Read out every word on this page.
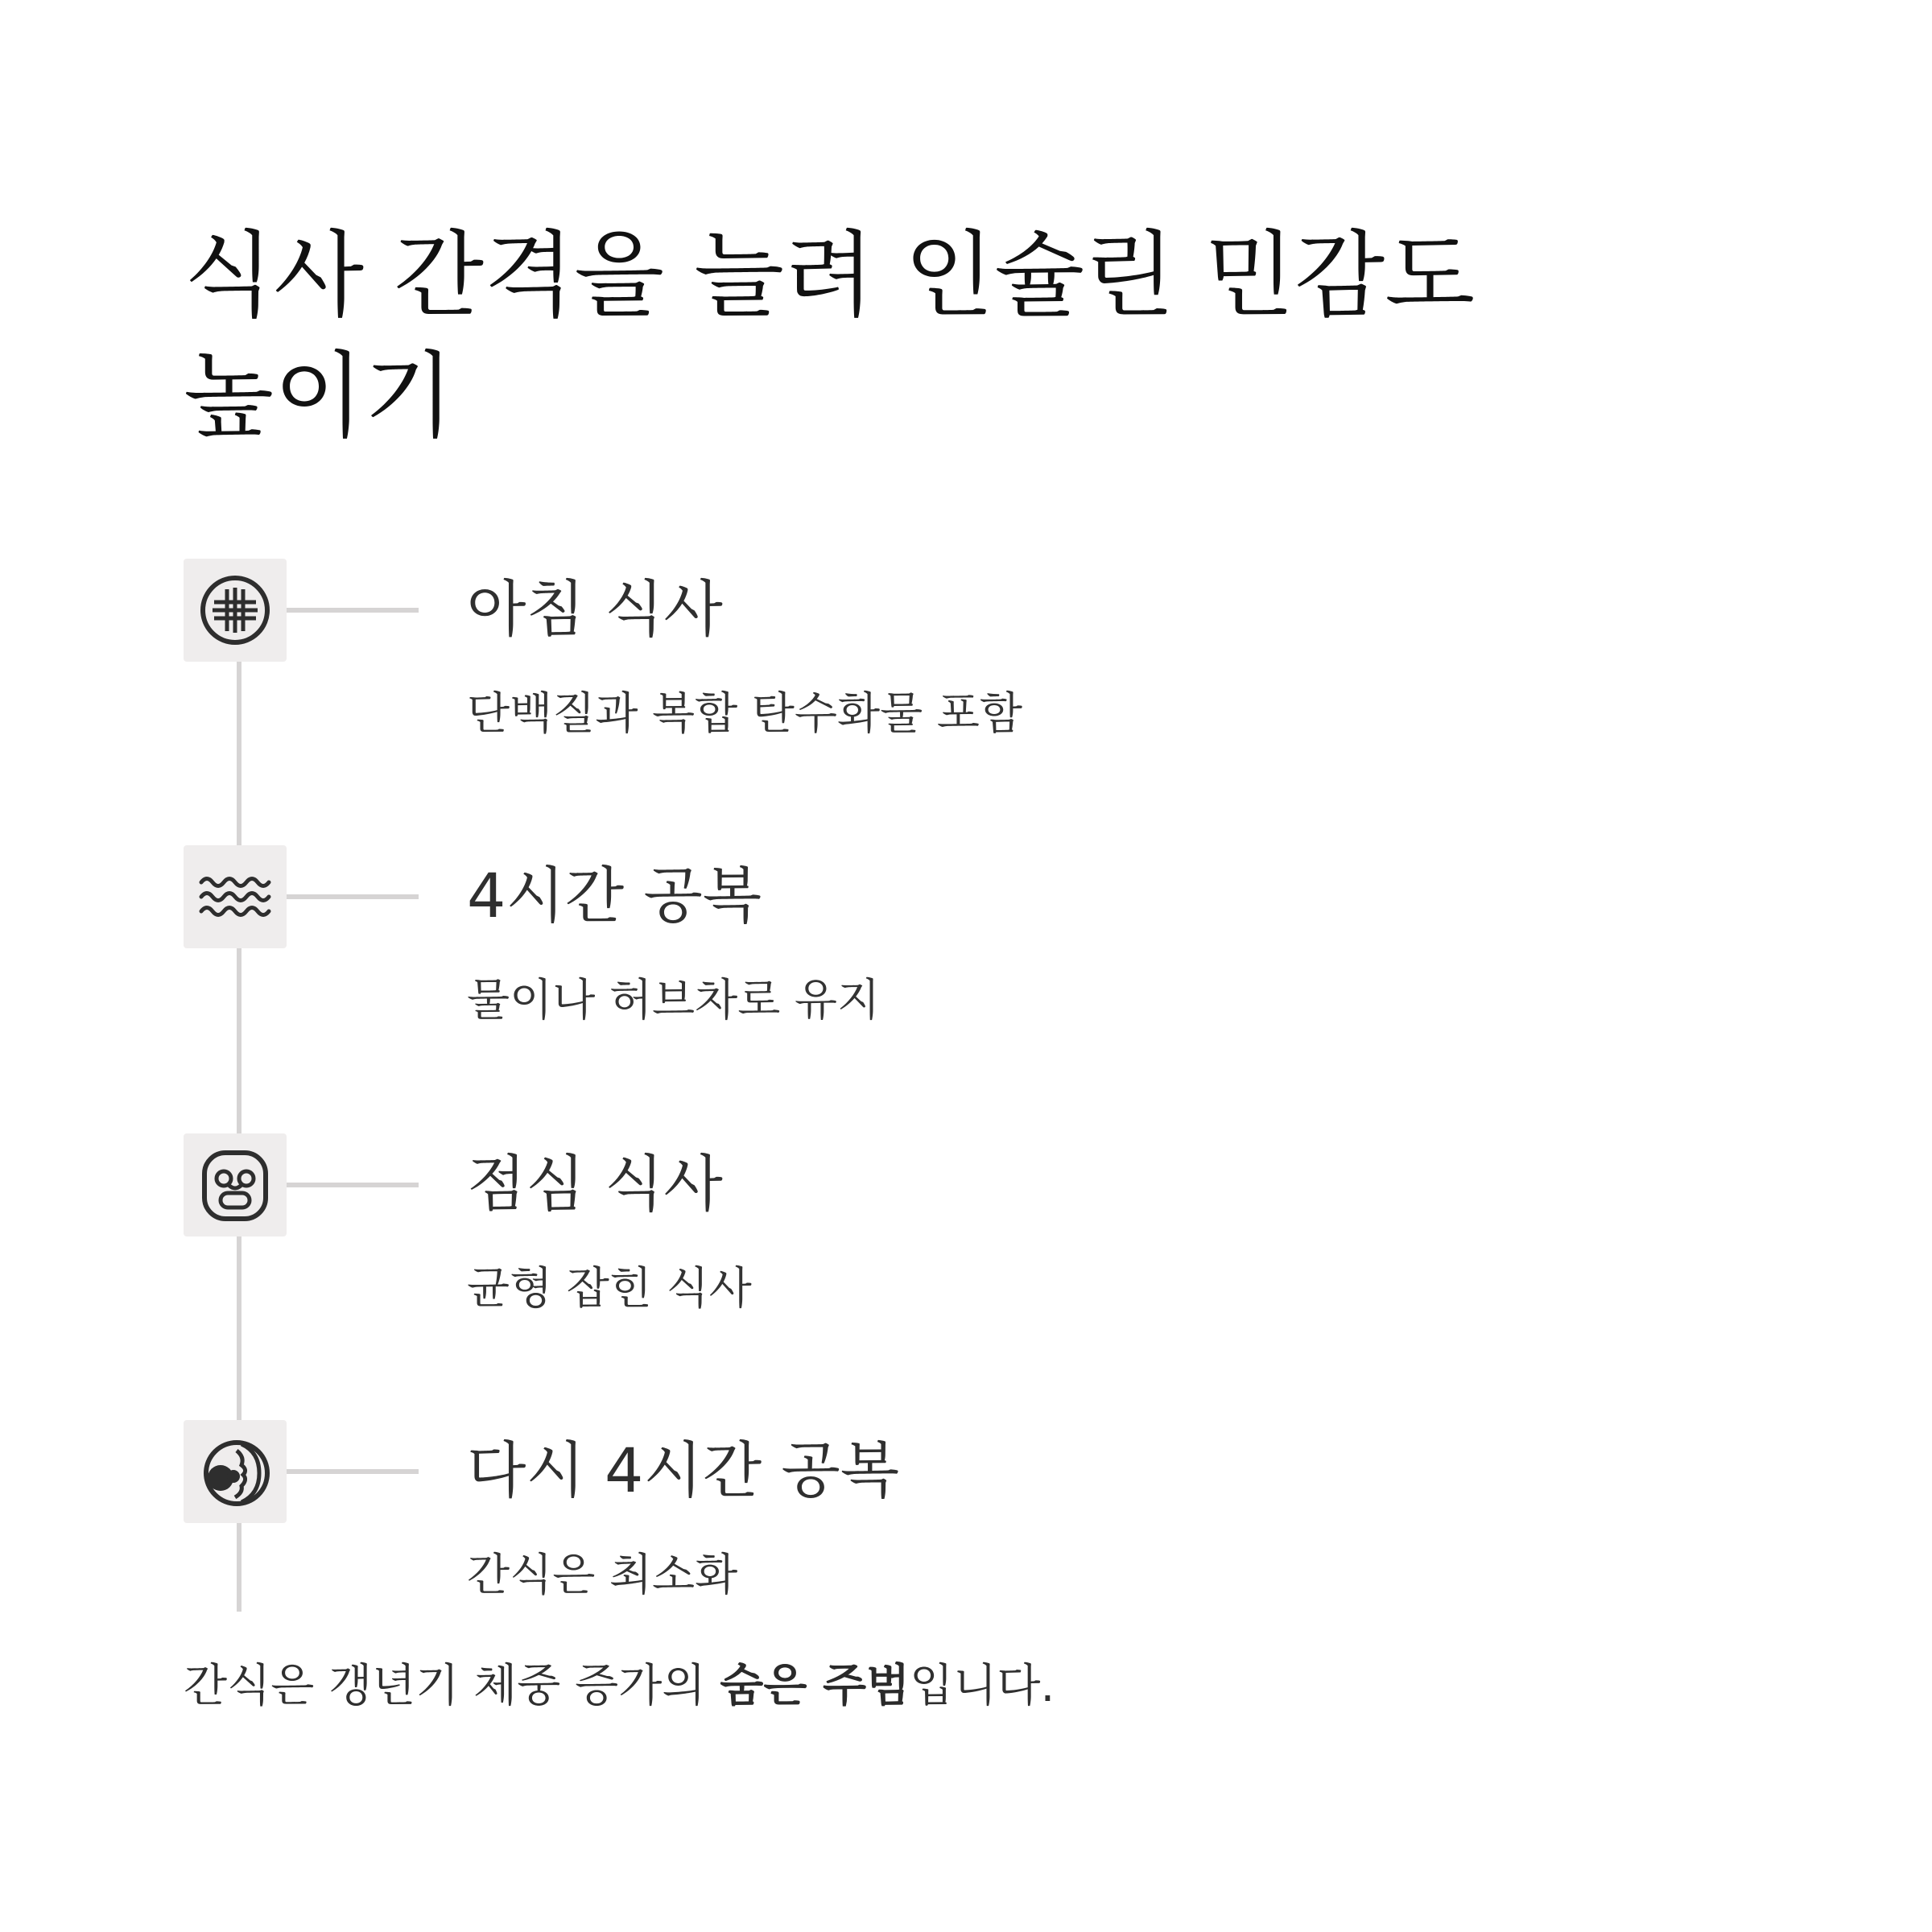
식사 간격을 늘려 인슐린 민감도 높이기
아침 식사

단백질과 복합 탄수화물 포함

4시간 공복

물이나 허브차로 유지

점심 식사

균형 잡힌 식사

다시 4시간 공복

간식은 최소화

간식은 갱년기 체중 증가의 숨은 주범입니다.
